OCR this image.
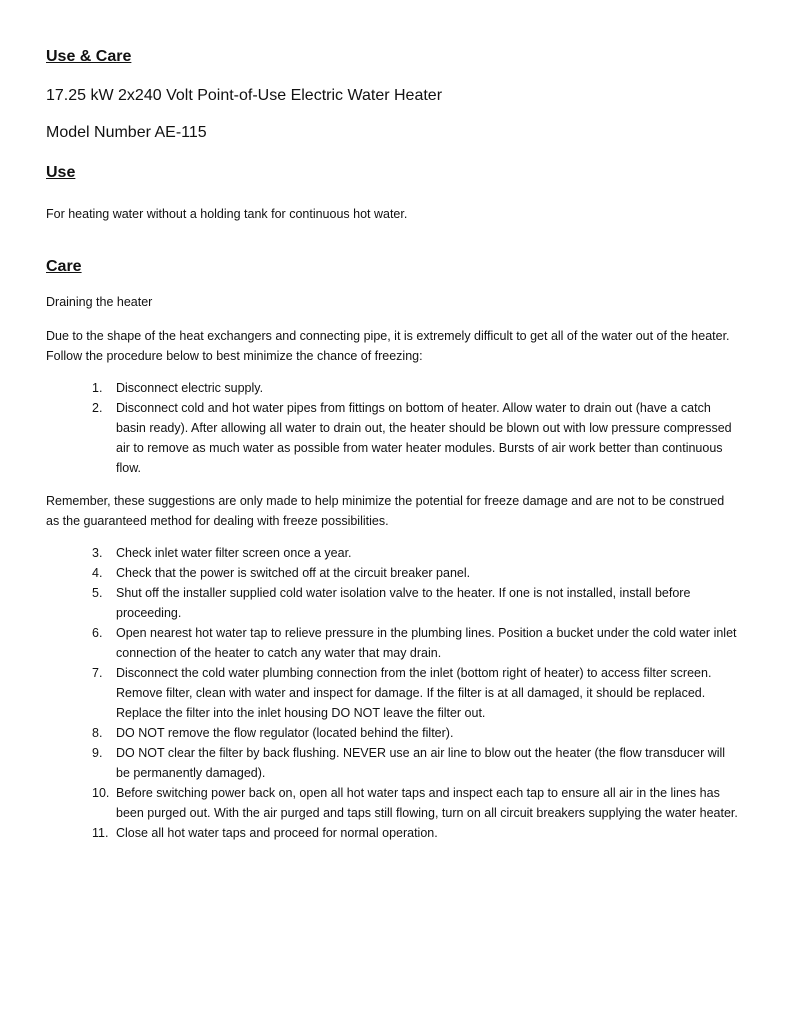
Use & Care
17.25 kW 2x240 Volt Point-of-Use Electric Water Heater
Model Number AE-115
Use

For heating water without a holding tank for continuous hot water.

Care

Draining the heater

Due to the shape of the heat exchangers and connecting pipe, it is extremely difficult to get all of the water out of the heater. Follow the procedure below to best minimize the chance of freezing:

1.	Disconnect electric supply.
2.	Disconnect cold and hot water pipes from fittings on bottom of heater. Allow water to drain out (have a catch basin ready). After allowing all water to drain out, the heater should be blown out with low pressure compressed air to remove as much water as possible from water heater modules. Bursts of air work better than continuous flow.

Remember, these suggestions are only made to help minimize the potential for freeze damage and are not to be construed as the guaranteed method for dealing with freeze possibilities.

3.	Check inlet water filter screen once a year.
4.	Check that the power is switched off at the circuit breaker panel.
5.	Shut off the installer supplied cold water isolation valve to the heater. If one is not installed, install before proceeding.
6.	Open nearest hot water tap to relieve pressure in the plumbing lines. Position a bucket under the cold water inlet connection of the heater to catch any water that may drain.
7.	Disconnect the cold water plumbing connection from the inlet (bottom right of heater) to access filter screen. Remove filter, clean with water and inspect for damage. If the filter is at all damaged, it should be replaced. Replace the filter into the inlet housing DO NOT leave the filter out.
8.	DO NOT remove the flow regulator (located behind the filter).
9.	DO NOT clear the filter by back flushing. NEVER use an air line to blow out the heater (the flow transducer will be permanently damaged).
10. Before switching power back on, open all hot water taps and inspect each tap to ensure all air in the lines has been purged out. With the air purged and taps still flowing, turn on all circuit breakers supplying the water heater.
11. Close all hot water taps and proceed for normal operation.
